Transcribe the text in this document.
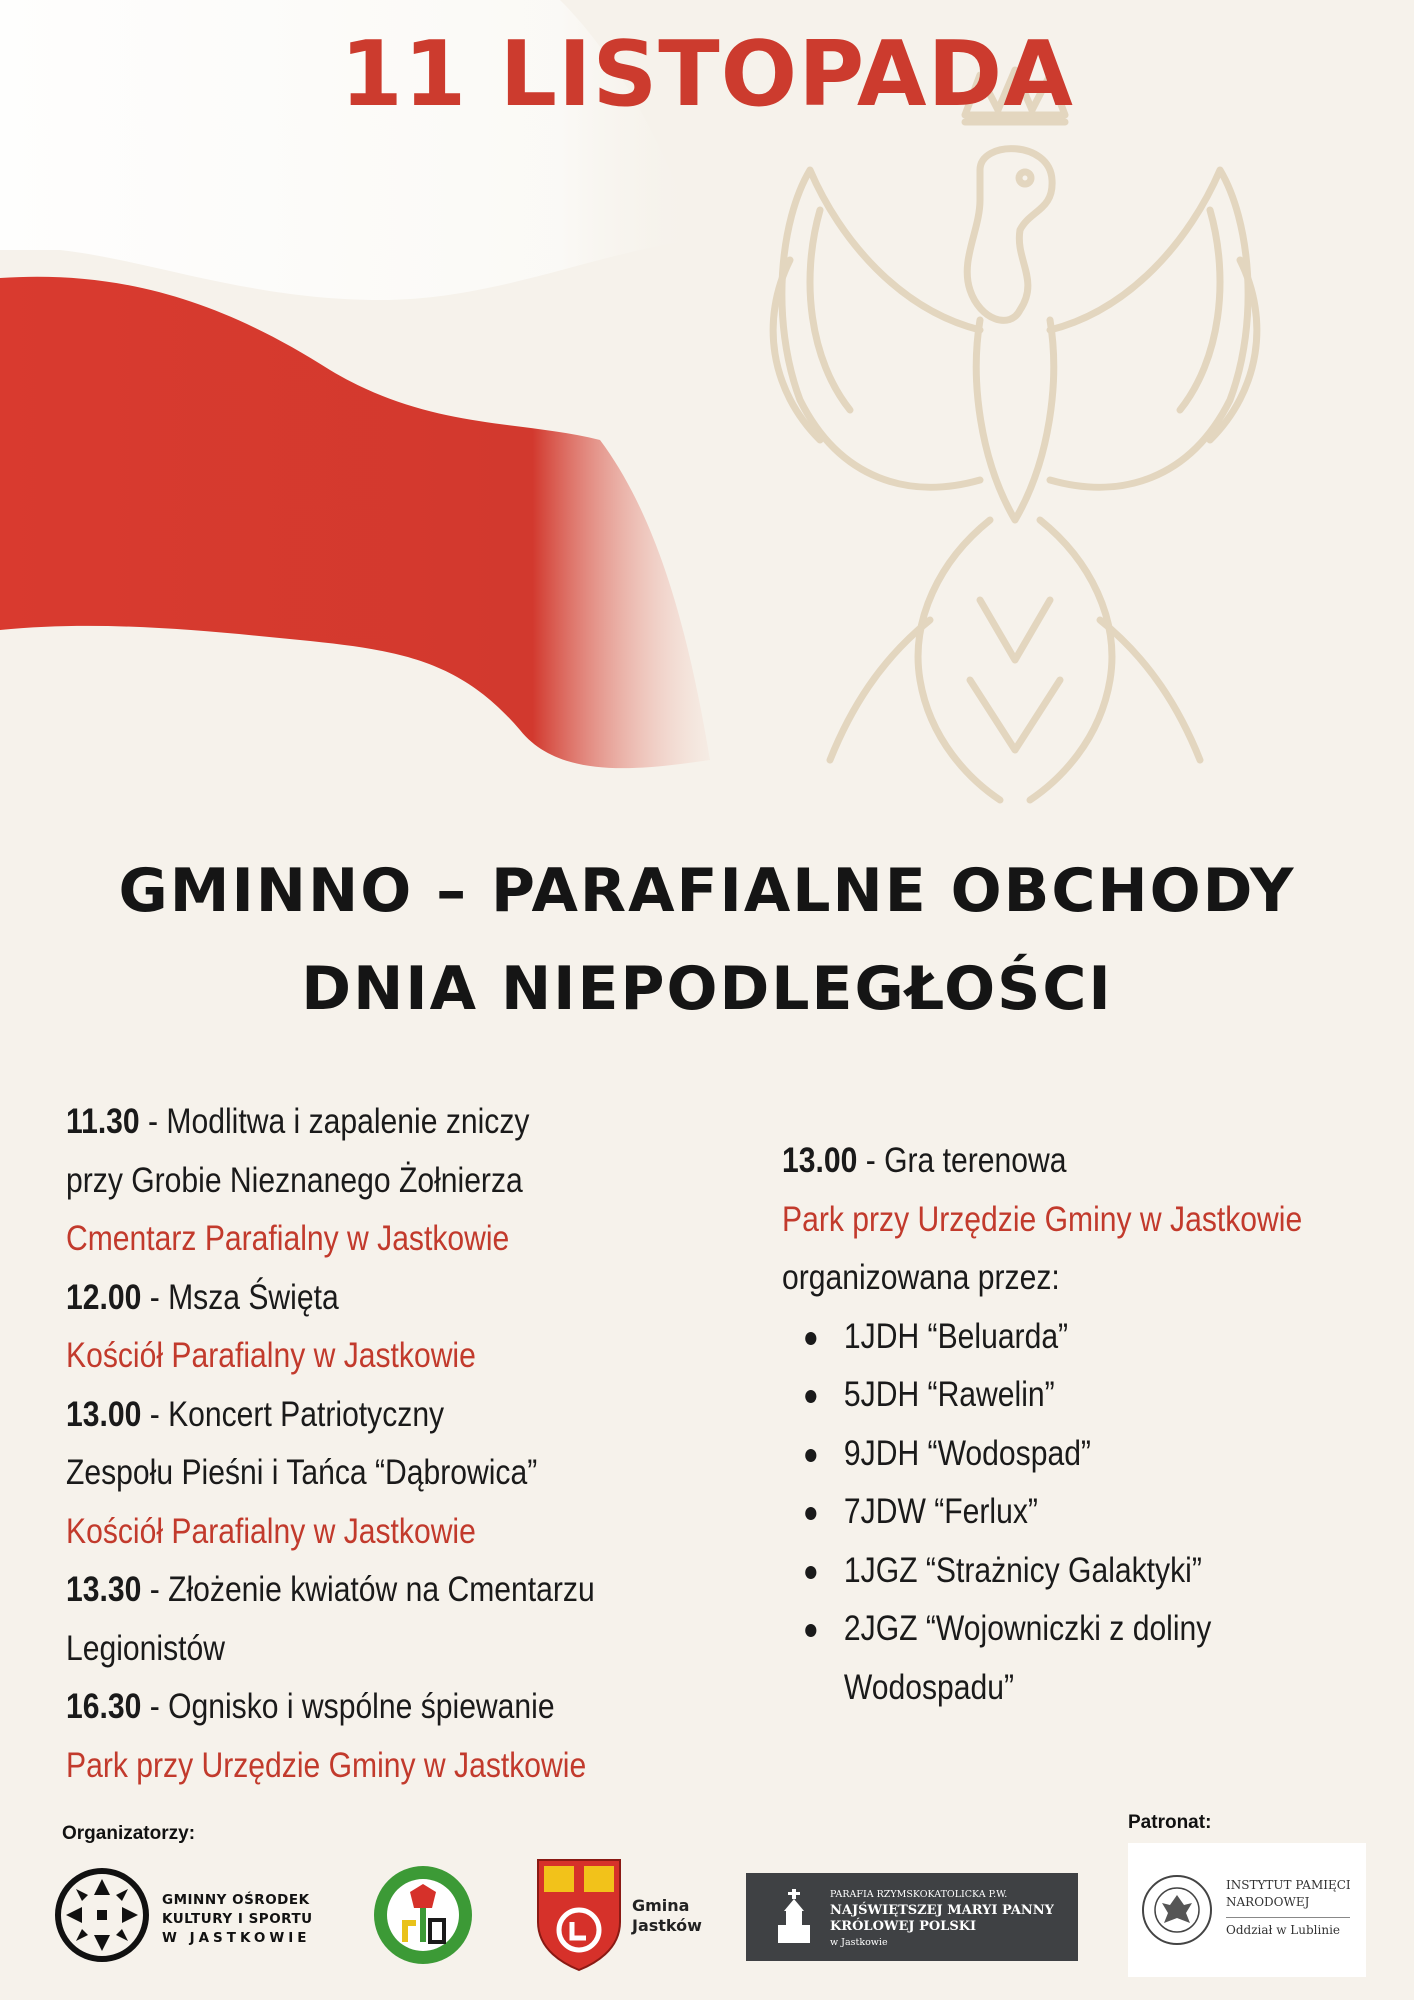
11 LISTOPADA
GMINNO – PARAFIALNE OBCHODY
DNIA NIEPODLEGŁOŚCI
11.30 - Modlitwa i zapalenie zniczy
przy Grobie Nieznanego Żołnierza
Cmentarz Parafialny w Jastkowie
12.00 - Msza Święta
Kościół Parafialny w Jastkowie
13.00 - Koncert Patriotyczny
Zespołu Pieśni i Tańca “Dąbrowica”
Kościół Parafialny w Jastkowie
13.30 - Złożenie kwiatów na Cmentarzu
Legionistów
16.30 - Ognisko i wspólne śpiewanie
Park przy Urzędzie Gminy w Jastkowie
13.00 - Gra terenowa
Park przy Urzędzie Gminy w Jastkowie
organizowana przez:
1JDH “Beluarda”
5JDH “Rawelin”
9JDH “Wodospad”
7JDW “Ferlux”
1JGZ “Strażnicy Galaktyki”
2JGZ “Wojowniczki z doliny
Wodospadu”
Organizatorzy:
Patronat:
GMINNY OŚRODEK
KULTURY I SPORTU
W JASTKOWIE
Gmina
Jastków
PARAFIA RZYMSKOKATOLICKA P.W.
NAJŚWIĘTSZEJ MARYI PANNY
KRÓLOWEJ POLSKI
w Jastkowie
INSTYTUT PAMIĘCI
NARODOWEJ
Oddział w Lublinie
